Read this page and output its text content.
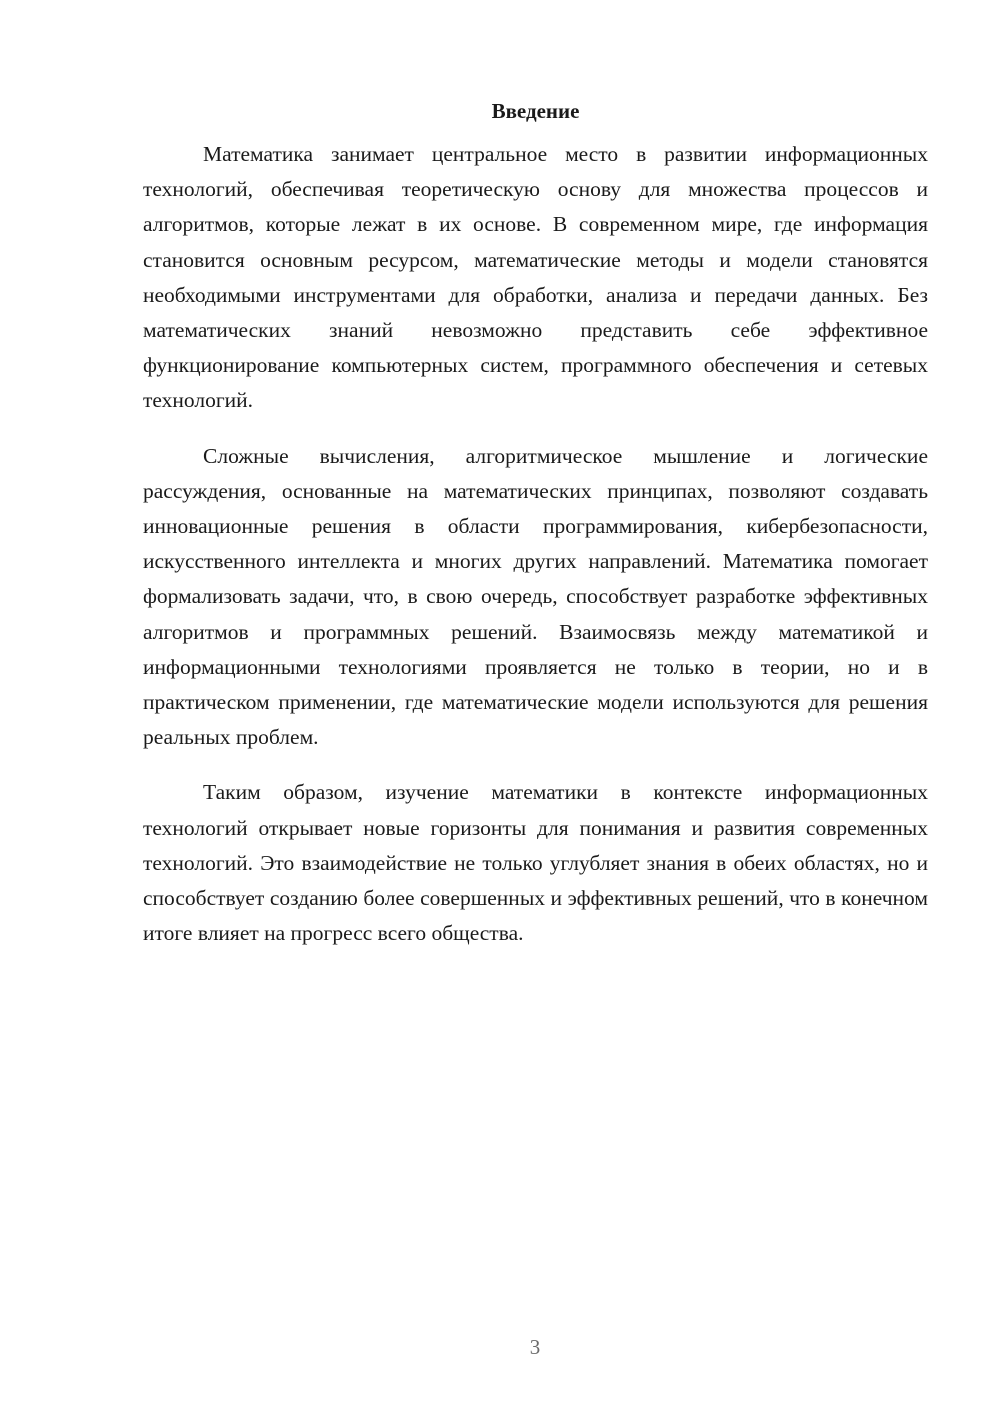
Введение

Математика занимает центральное место в развитии информационных технологий, обеспечивая теоретическую основу для множества процессов и алгоритмов, которые лежат в их основе. В современном мире, где информация становится основным ресурсом, математические методы и модели становятся необходимыми инструментами для обработки, анализа и передачи данных. Без математических знаний невозможно представить себе эффективное функционирование компьютерных систем, программного обеспечения и сетевых технологий.

Сложные вычисления, алгоритмическое мышление и логические рассуждения, основанные на математических принципах, позволяют создавать инновационные решения в области программирования, кибербезопасности, искусственного интеллекта и многих других направлений. Математика помогает формализовать задачи, что, в свою очередь, способствует разработке эффективных алгоритмов и программных решений. Взаимосвязь между математикой и информационными технологиями проявляется не только в теории, но и в практическом применении, где математические модели используются для решения реальных проблем.

Таким образом, изучение математики в контексте информационных технологий открывает новые горизонты для понимания и развития современных технологий. Это взаимодействие не только углубляет знания в обеих областях, но и способствует созданию более совершенных и эффективных решений, что в конечном итоге влияет на прогресс всего общества.

3
